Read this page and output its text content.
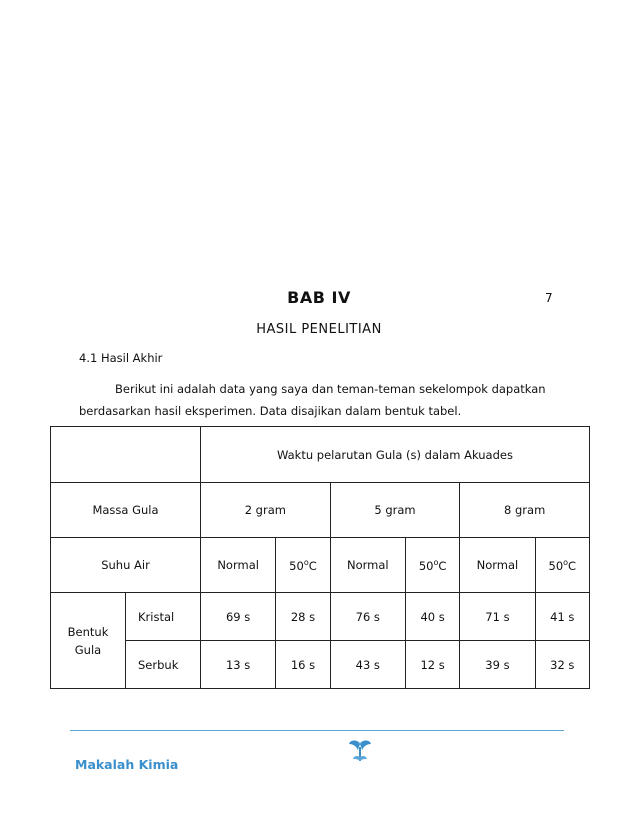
BAB IV	7
HASIL PENELITIAN
4.1 Hasil Akhir
Berikut ini adalah data yang saya dan teman-teman sekelompok dapatkan berdasarkan hasil eksperimen. Data disajikan dalam bentuk tabel.
		Waktu pelarutan Gula (s) dalam Akuades					
Massa Gula		2 gram		5 gram		8 gram	
Suhu Air		Normal	50$^o$C	Normal	50$^o$C	Normal	50$^o$C
Bentuk Gula	Kristal	69 s	28 s	76 s	40 s	71 s	41 s
	Serbuk	13 s	16 s	43 s	12 s	39 s	32 s
Makalah Kimia
